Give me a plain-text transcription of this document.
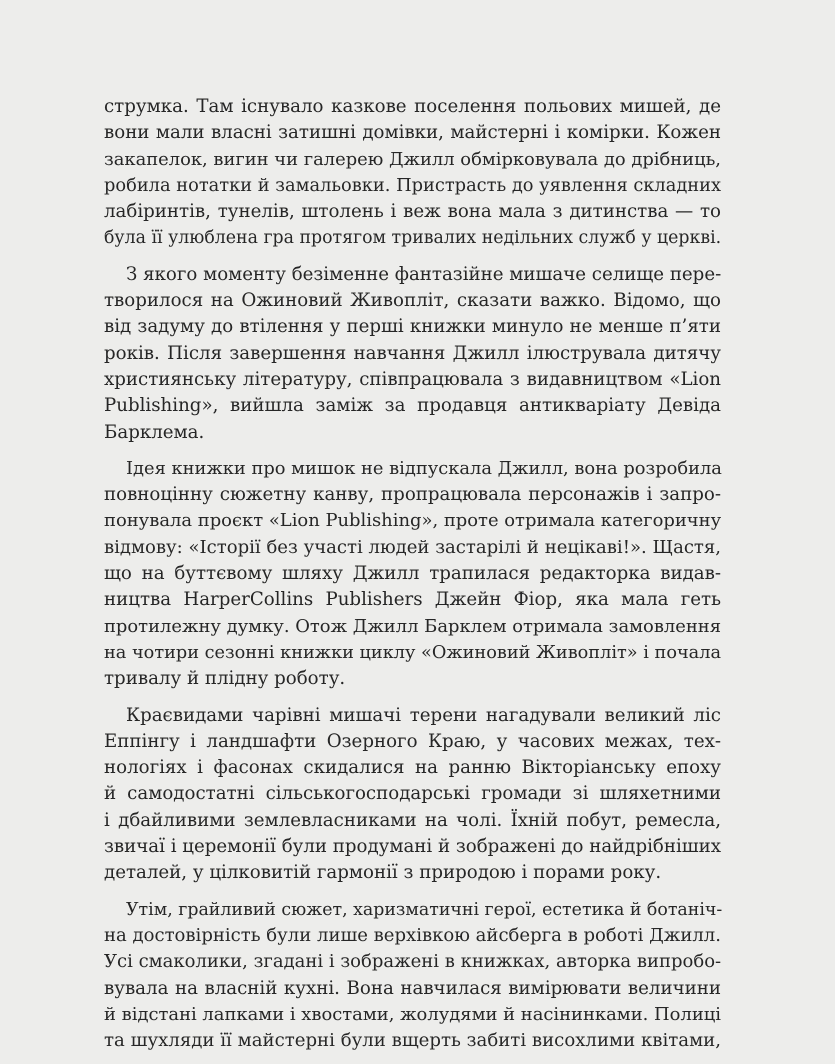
струмка. Там існувало казкове поселення польових мишей, де
вони мали власні затишні домівки, майстерні і комірки. Кожен
закапелок, вигин чи галерею Джилл обмірковувала до дрібниць,
робила нотатки й замальовки. Пристрасть до уявлення складних
лабіринтів, тунелів, штолень і веж вона мала з дитинства — то
була її улюблена гра протягом тривалих недільних служб у церкві.

З якого моменту безіменне фантазійне мишаче селище пере-
творилося на Ожиновий Живопліт, сказати важко. Відомо, що
від задуму до втілення у перші книжки минуло не менше п’яти
років. Після завершення навчання Джилл ілюструвала дитячу
християнську літературу, співпрацювала з видавництвом «Lion
Publishing», вийшла заміж за продавця антикваріату Девіда
Барклема.

Ідея книжки про мишок не відпускала Джилл, вона розробила
повноцінну сюжетну канву, пропрацювала персонажів і запро-
понувала проєкт «Lion Publishing», проте отримала категоричну
відмову: «Історії без участі людей застарілі й нецікаві!». Щастя,
що на буттєвому шляху Джилл трапилася редакторка видав-
ництва HarperCollins Publishers Джейн Фіор, яка мала геть
протилежну думку. Отож Джилл Барклем отримала замовлення
на чотири сезонні книжки циклу «Ожиновий Живопліт» і почала
тривалу й плідну роботу.

Краєвидами чарівні мишачі терени нагадували великий ліс
Еппінгу і ландшафти Озерного Краю, у часових межах, тех-
нологіях і фасонах скидалися на ранню Вікторіанську епоху
й самодостатні сільськогосподарські громади зі шляхетними
і дбайливими землевласниками на чолі. Їхній побут, ремесла,
звичаї і церемонії були продумані й зображені до найдрібніших
деталей, у цілковитій гармонії з природою і порами року.

Утім, грайливий сюжет, харизматичні герої, естетика й ботаніч-
на достовірність були лише верхівкою айсберга в роботі Джилл.
Усі смаколики, згадані і зображені в книжках, авторка випробо-
вувала на власній кухні. Вона навчилася вимірювати величини
й відстані лапками і хвостами, жолудями й насінинками. Полиці
та шухляди її майстерні були вщерть забиті висохлими квітами,
